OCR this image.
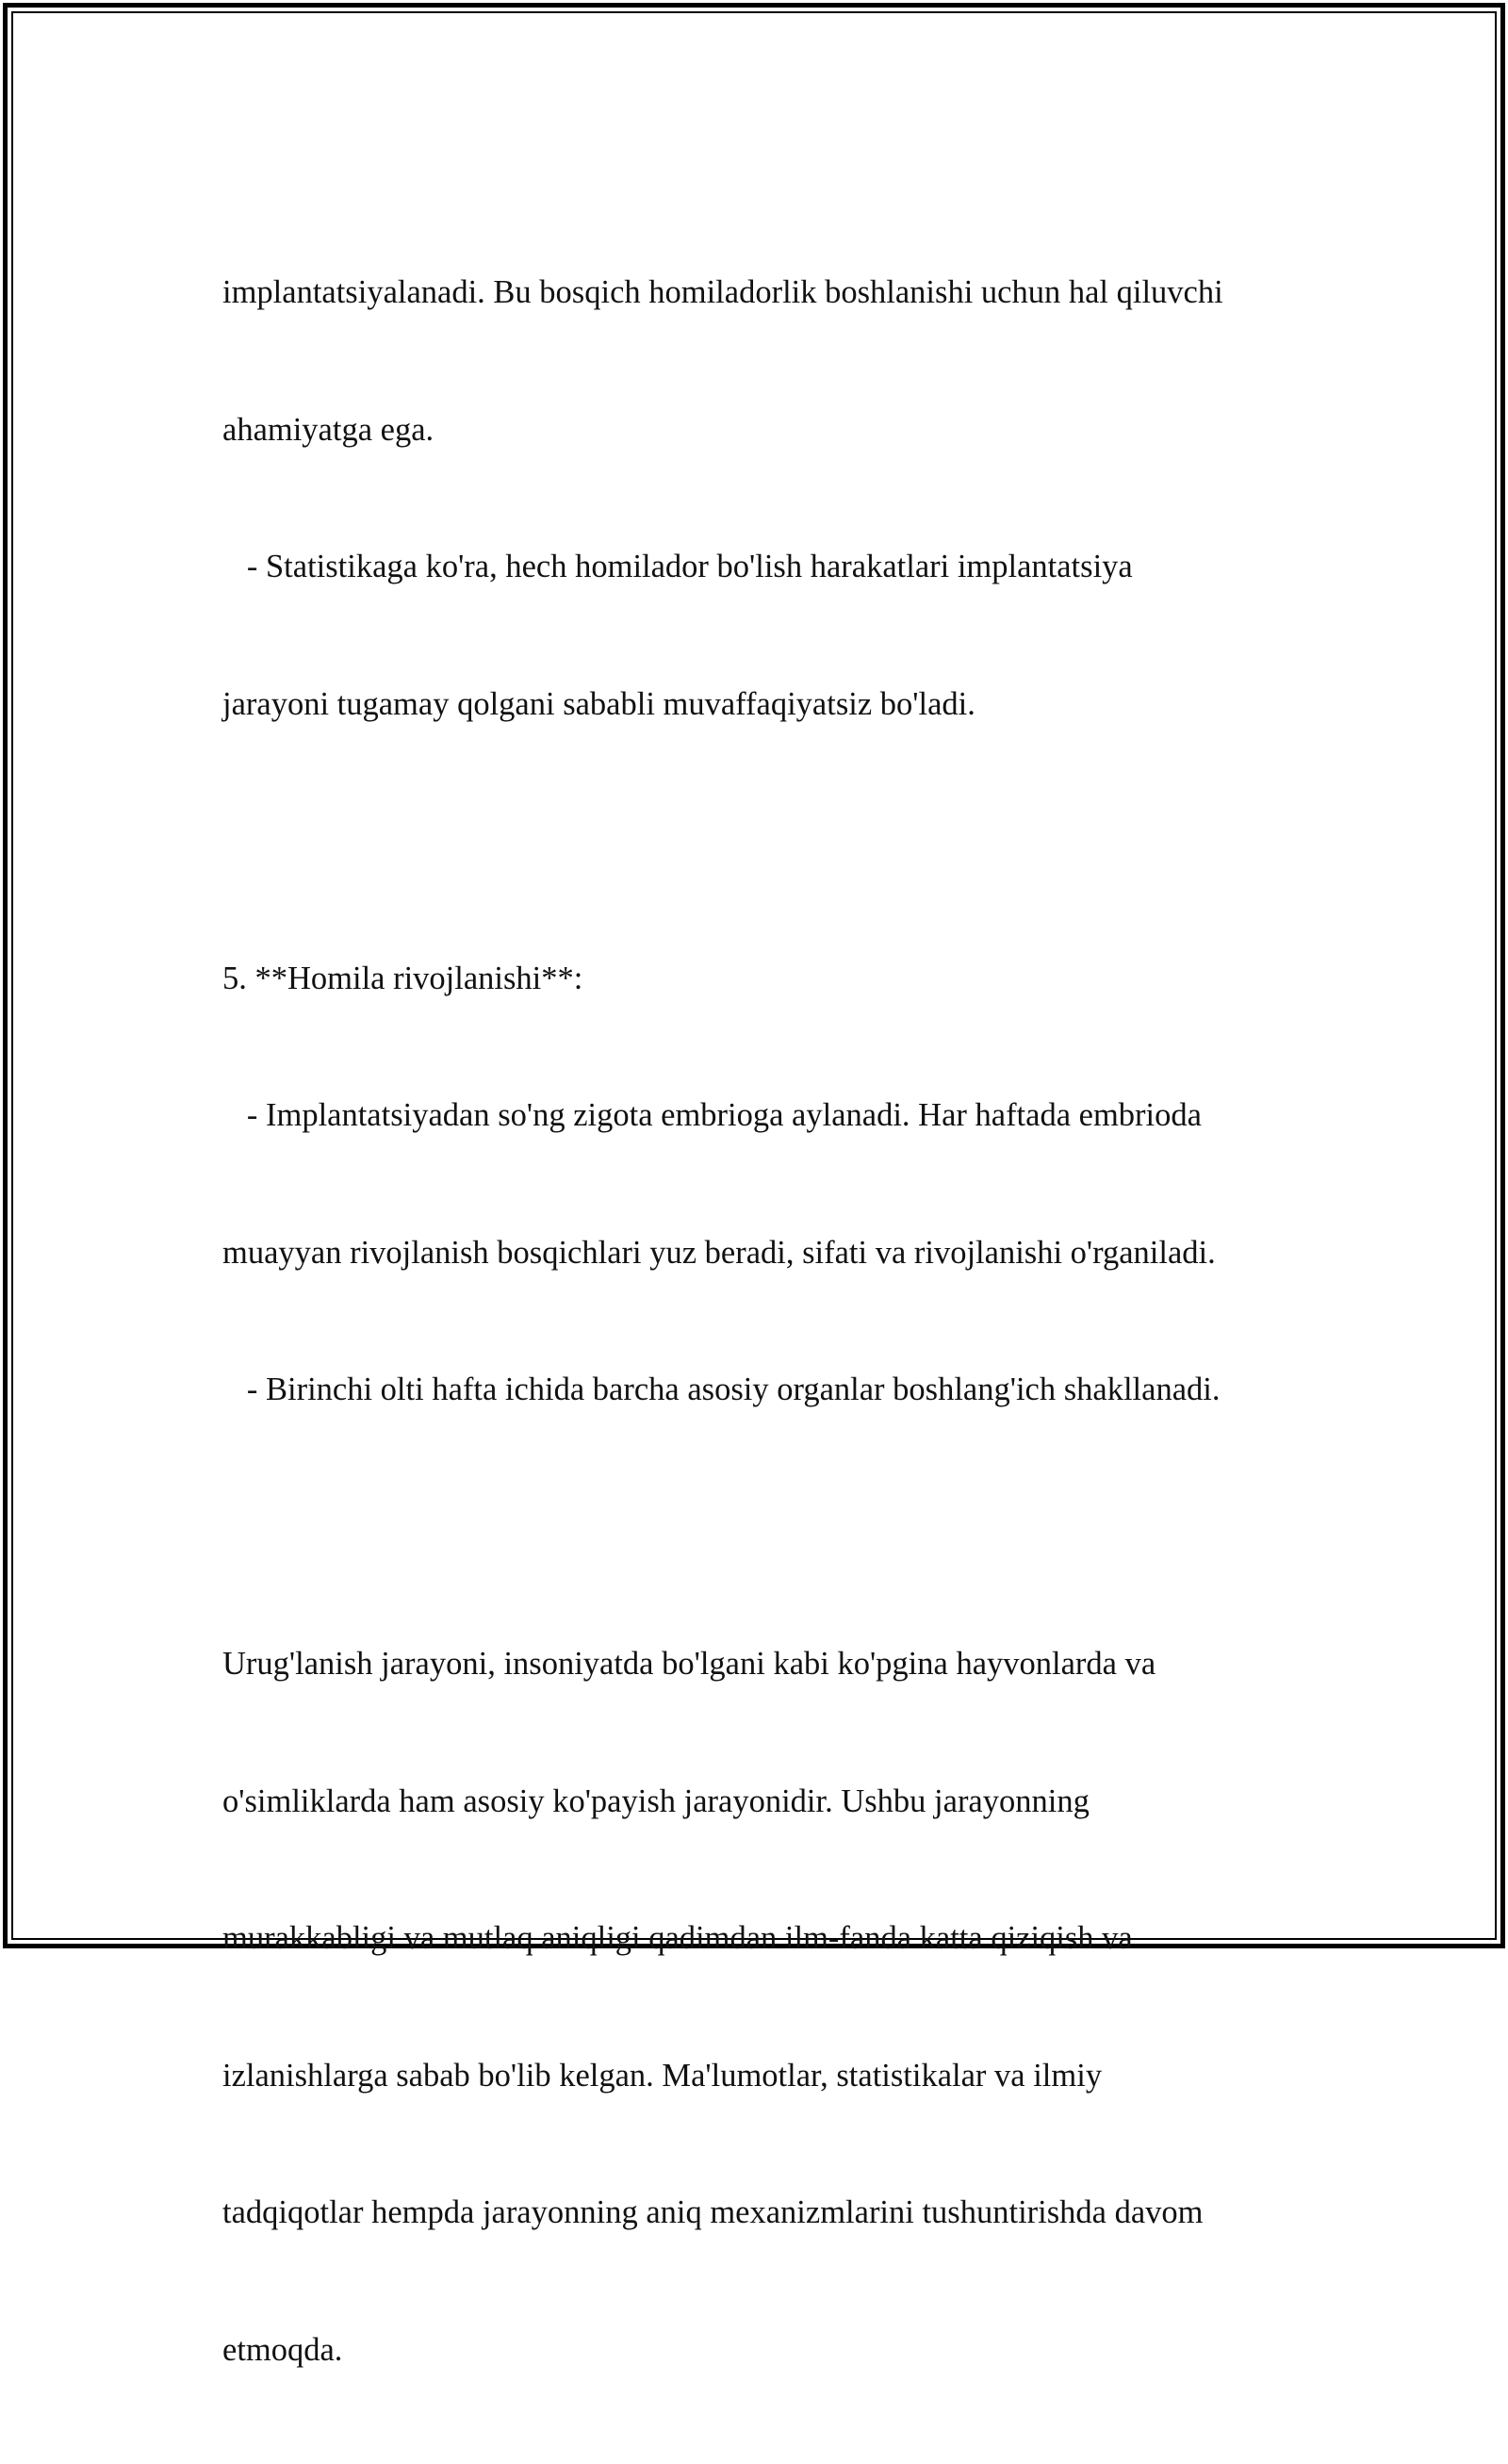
implantatsiyalanadi. Bu bosqich homiladorlik boshlanishi uchun hal qiluvchi

ahamiyatga ega.

- Statistikaga ko'ra, hech homilador bo'lish harakatlari implantatsiya

jarayoni tugamay qolgani sababli muvaffaqiyatsiz bo'ladi.

5. **Homila rivojlanishi**:

- Implantatsiyadan so'ng zigota embrioga aylanadi. Har haftada embrioda

muayyan rivojlanish bosqichlari yuz beradi, sifati va rivojlanishi o'rganiladi.

- Birinchi olti hafta ichida barcha asosiy organlar boshlang'ich shakllanadi.

Urug'lanish jarayoni, insoniyatda bo'lgani kabi ko'pgina hayvonlarda va

o'simliklarda ham asosiy ko'payish jarayonidir. Ushbu jarayonning

murakkabligi va mutlaq aniqligi qadimdan ilm-fanda katta qiziqish va

izlanishlarga sabab bo'lib kelgan. Ma'lumotlar, statistikalar va ilmiy

tadqiqotlar hempda jarayonning aniq mexanizmlarini tushuntirishda davom

etmoqda.
